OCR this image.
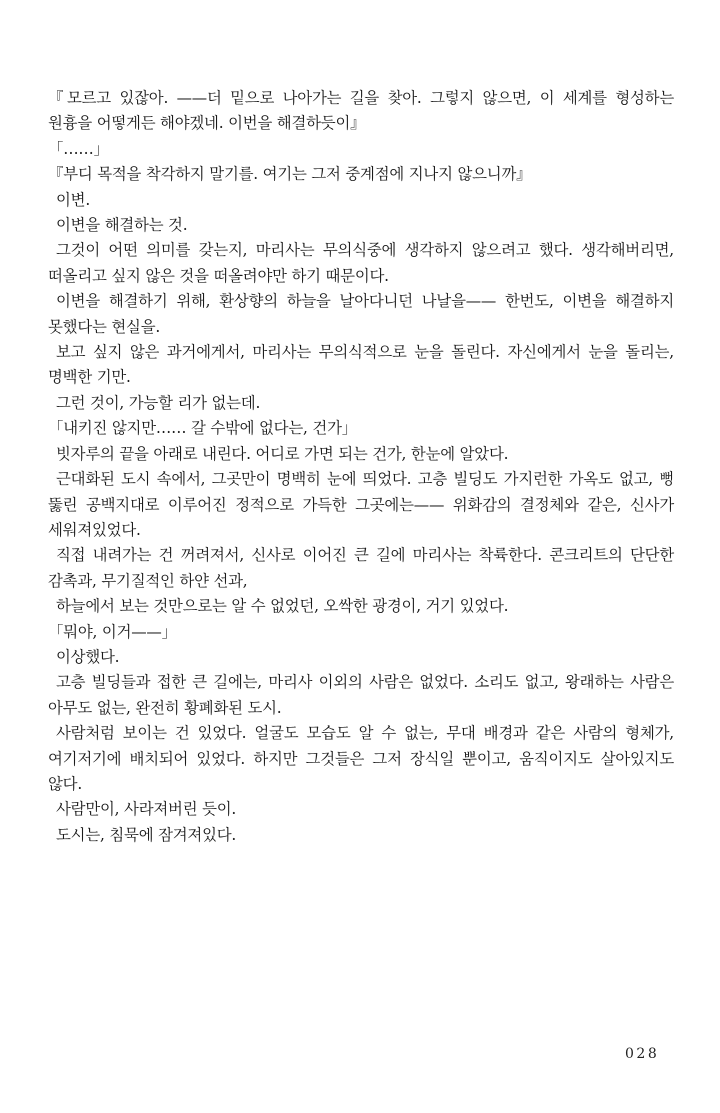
『모르고 있잖아. ——더 밑으로 나아가는 길을 찾아. 그렇지 않으면, 이 세계를 형성하는 원흉을 어떻게든 해야겠네. 이번을 해결하듯이』

「……」

『부디 목적을 착각하지 말기를. 여기는 그저 중계점에 지나지 않으니까』

이변.

이변을 해결하는 것.

그것이 어떤 의미를 갖는지, 마리사는 무의식중에 생각하지 않으려고 했다. 생각해버리면, 떠올리고 싶지 않은 것을 떠올려야만 하기 때문이다.

이변을 해결하기 위해, 환상향의 하늘을 날아다니던 나날을—— 한번도, 이변을 해결하지 못했다는 현실을.

보고 싶지 않은 과거에게서, 마리사는 무의식적으로 눈을 돌린다. 자신에게서 눈을 돌리는, 명백한 기만.

그런 것이, 가능할 리가 없는데.

「내키진 않지만…… 갈 수밖에 없다는, 건가」

빗자루의 끝을 아래로 내린다. 어디로 가면 되는 건가, 한눈에 알았다.

근대화된 도시 속에서, 그곳만이 명백히 눈에 띄었다. 고층 빌딩도 가지런한 가옥도 없고, 뻥 뚫린 공백지대로 이루어진 정적으로 가득한 그곳에는—— 위화감의 결정체와 같은, 신사가 세워져있었다.

직접 내려가는 건 꺼려져서, 신사로 이어진 큰 길에 마리사는 착륙한다. 콘크리트의 단단한 감촉과, 무기질적인 하얀 선과,

하늘에서 보는 것만으로는 알 수 없었던, 오싹한 광경이, 거기 있었다.

「뭐야, 이거——」

이상했다.

고층 빌딩들과 접한 큰 길에는, 마리사 이외의 사람은 없었다. 소리도 없고, 왕래하는 사람은 아무도 없는, 완전히 황폐화된 도시.

사람처럼 보이는 건 있었다. 얼굴도 모습도 알 수 없는, 무대 배경과 같은 사람의 형체가, 여기저기에 배치되어 있었다. 하지만 그것들은 그저 장식일 뿐이고, 움직이지도 살아있지도 않다.

사람만이, 사라져버린 듯이.

도시는, 침묵에 잠겨져있다.

028
